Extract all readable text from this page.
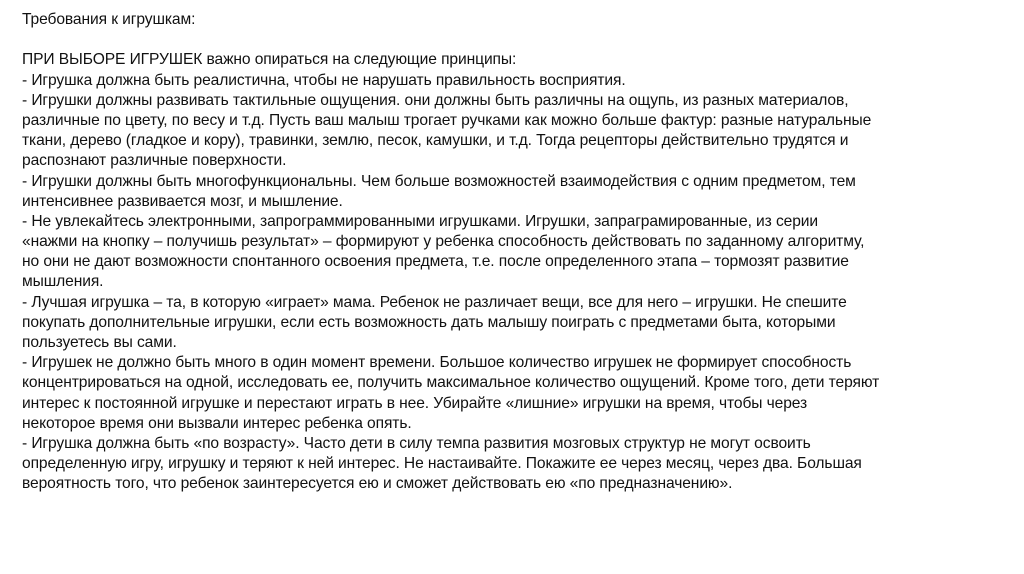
Требования к игрушкам:
ПРИ ВЫБОРЕ ИГРУШЕК важно опираться на следующие принципы:
- Игрушка должна быть реалистична, чтобы не нарушать правильность восприятия.
- Игрушки должны развивать тактильные ощущения. они должны быть различны на ощупь, из разных материалов,
различные по цвету, по весу и т.д. Пусть ваш малыш трогает ручками как можно больше фактур: разные натуральные
ткани, дерево (гладкое и кору), травинки, землю, песок, камушки, и т.д. Тогда рецепторы действительно трудятся и
распознают различные поверхности.
- Игрушки должны быть многофункциональны. Чем больше возможностей взаимодействия с одним предметом, тем
интенсивнее развивается мозг, и мышление.
- Не увлекайтесь электронными, запрограммированными игрушками. Игрушки, запраграмированные, из серии
«нажми на кнопку – получишь результат» – формируют у ребенка способность действовать по заданному алгоритму,
но они не дают возможности спонтанного освоения предмета, т.е. после определенного этапа – тормозят развитие
мышления.
- Лучшая игрушка – та, в которую «играет» мама. Ребенок не различает вещи, все для него – игрушки. Не спешите
покупать дополнительные игрушки, если есть возможность дать малышу поиграть с предметами быта, которыми
пользуетесь вы сами.
- Игрушек не должно быть много в один момент времени. Большое количество игрушек не формирует способность
концентрироваться на одной, исследовать ее, получить максимальное количество ощущений. Кроме того, дети теряют
интерес к постоянной игрушке и перестают играть в нее. Убирайте «лишние» игрушки на время, чтобы через
некоторое время они вызвали интерес ребенка опять.
- Игрушка должна быть «по возрасту». Часто дети в силу темпа развития мозговых структур не могут освоить
определенную игру, игрушку и теряют к ней интерес. Не настаивайте. Покажите ее через месяц, через два. Большая
вероятность того, что ребенок заинтересуется ею и сможет действовать ею «по предназначению».
